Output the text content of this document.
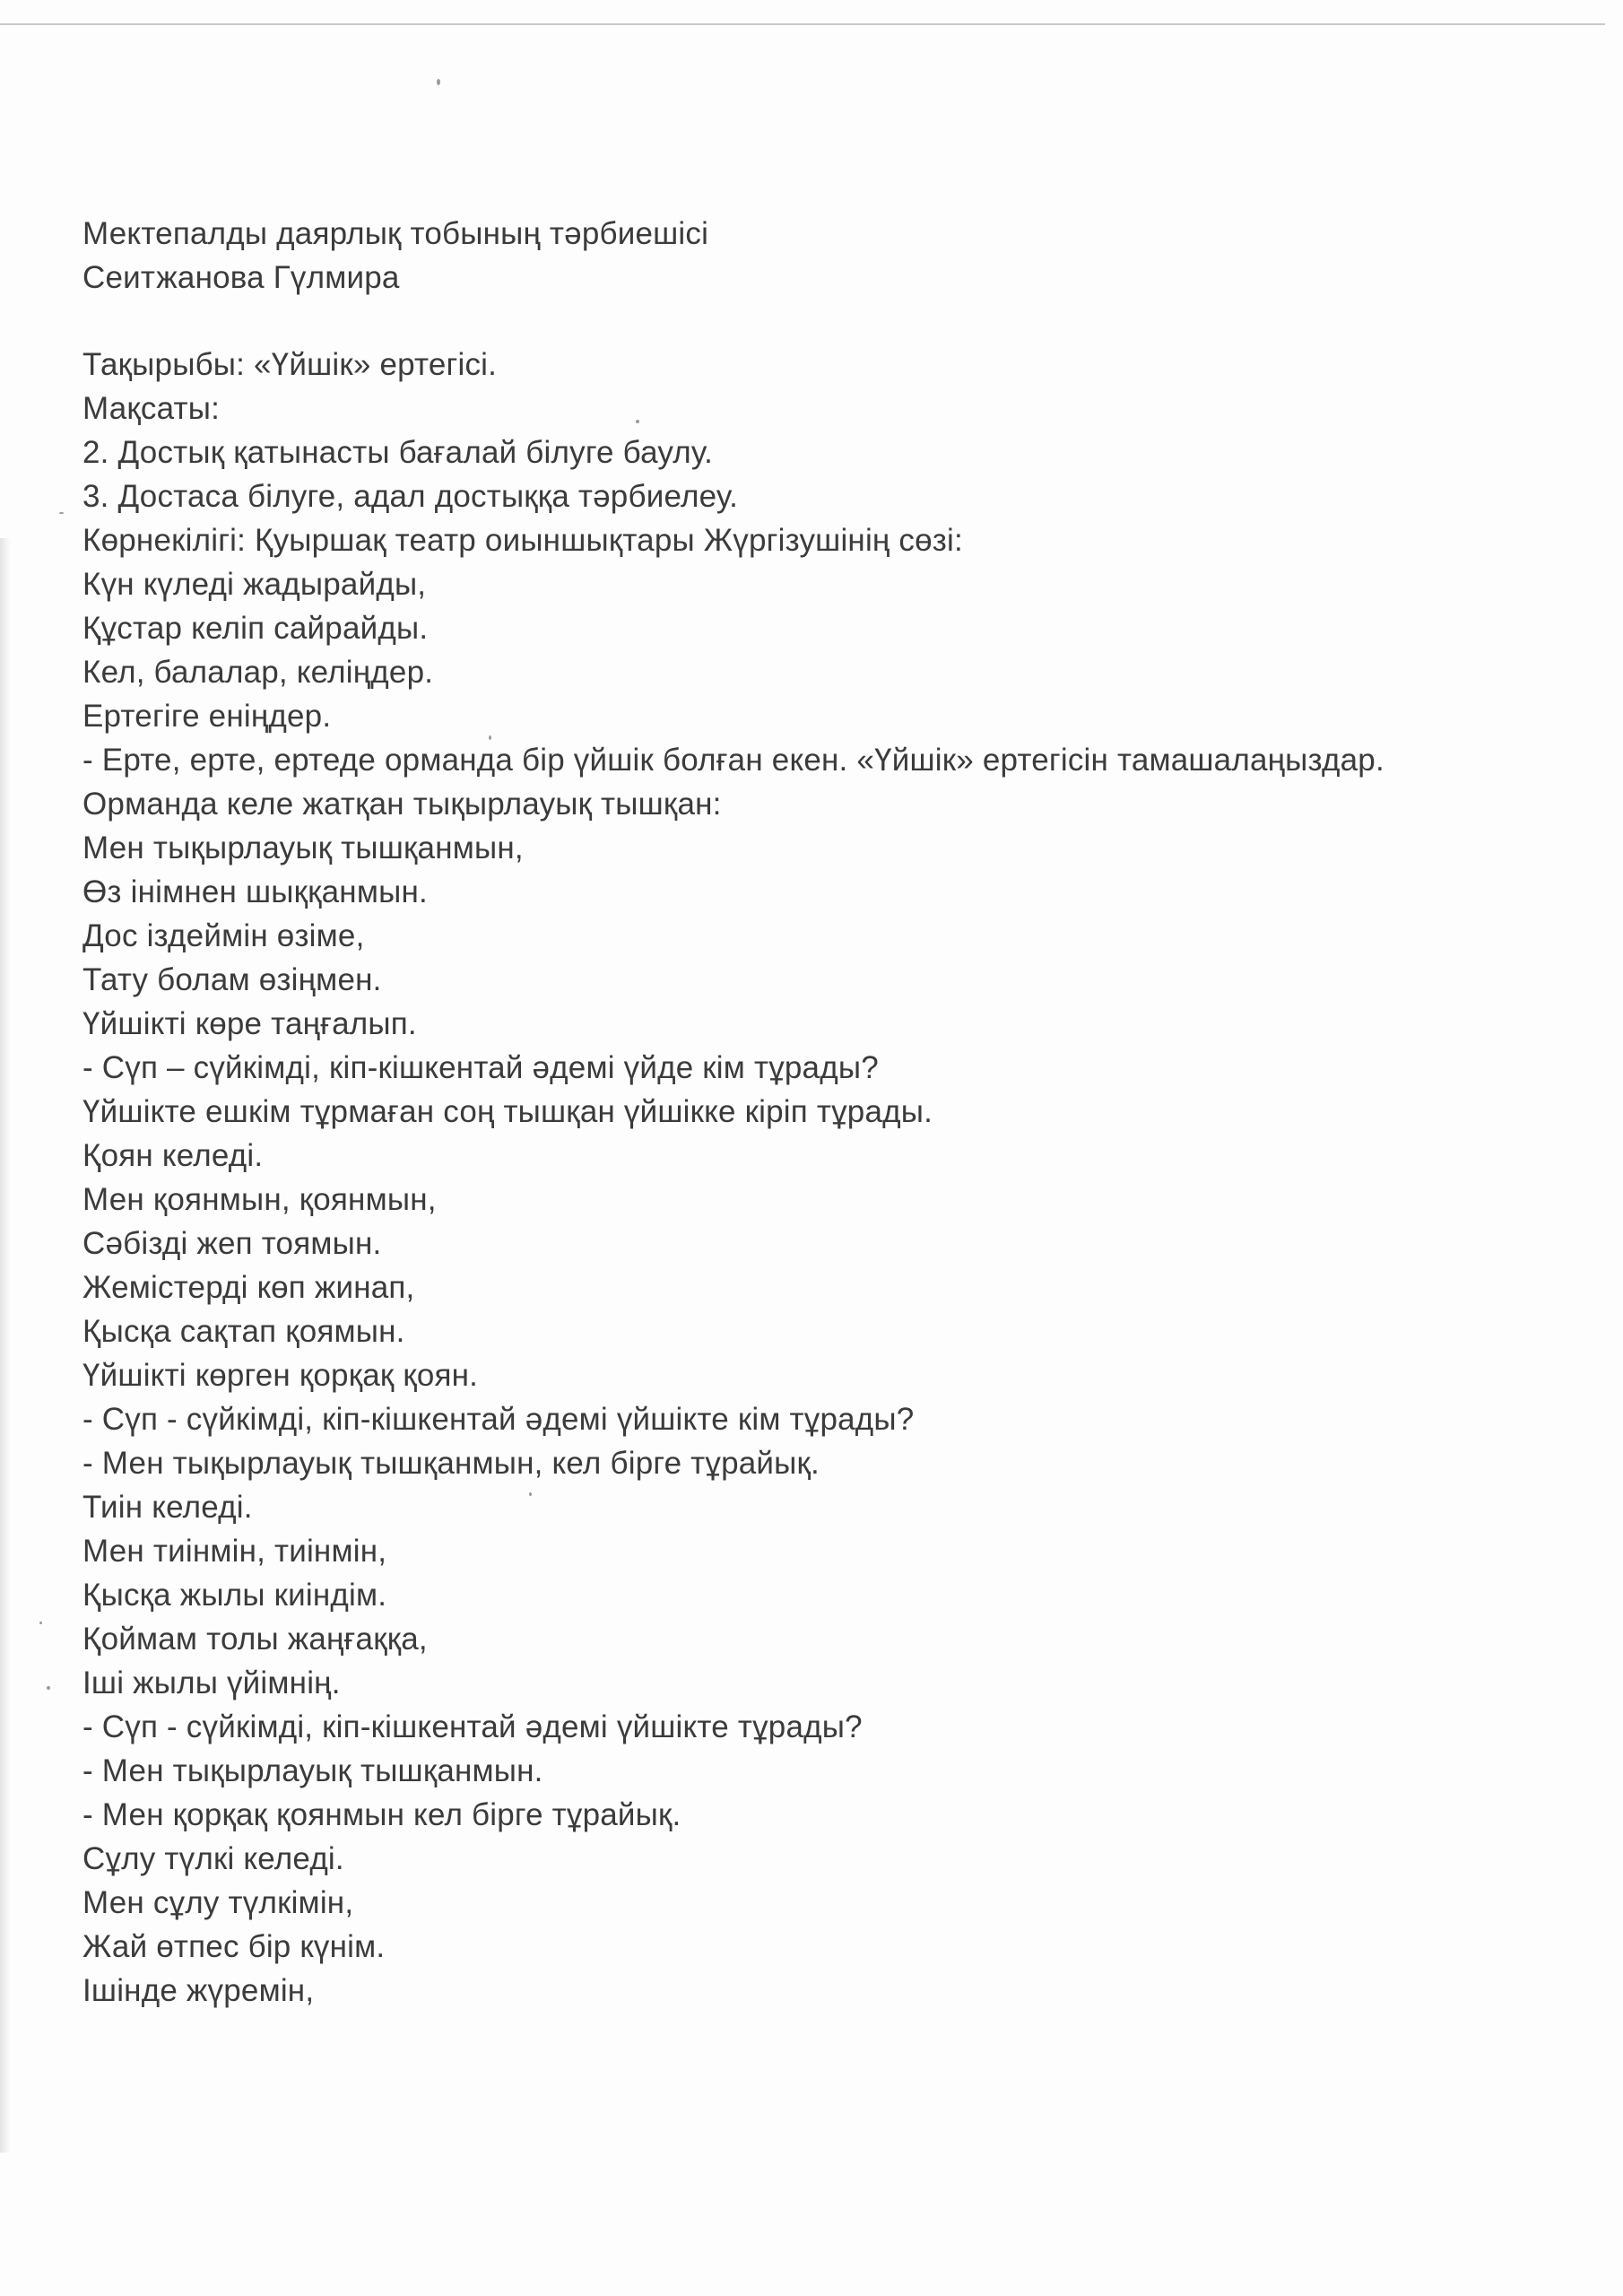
Мектепалды даярлық тобының тәрбиешісі
Сеитжанова Гүлмира
Тақырыбы: «Үйшік» ертегісі.
Мақсаты:
2. Достық қатынасты бағалай білуге баулу.
3. Достаса білуге, адал достыққа тәрбиелеу.
Көрнекілігі: Қуыршақ театр оиыншықтары Жүргізушінің сөзі:
Күн күледі жадырайды,
Құстар келіп сайрайды.
Кел, балалар, келіңдер.
Ертегіге еніңдер.
- Ерте, ерте, ертеде орманда бір үйшік болған екен. «Үйшік» ертегісін тамашалаңыздар.
Орманда келе жатқан тықырлауық тышқан:
Мен тықырлауық тышқанмын,
Өз інімнен шыққанмын.
Дос іздеймін өзіме,
Тату болам өзіңмен.
Үйшікті көре таңғалып.
- Сүп – сүйкімді, кіп-кішкентай әдемі үйде кім тұрады?
Үйшікте ешкім тұрмаған соң тышқан үйшікке кіріп тұрады.
Қоян келеді.
Мен қоянмын, қоянмын,
Сәбізді жеп тоямын.
Жемістерді көп жинап,
Қысқа сақтап қоямын.
Үйшікті көрген қорқақ қоян.
- Сүп - сүйкімді, кіп-кішкентай әдемі үйшікте кім тұрады?
- Мен тықырлауық тышқанмын, кел бірге тұрайық.
Тиін келеді.
Мен тиінмін, тиінмін,
Қысқа жылы киіндім.
Қоймам толы жаңғаққа,
Іші жылы үйімнің.
- Сүп - сүйкімді, кіп-кішкентай әдемі үйшікте тұрады?
- Мен тықырлауық тышқанмын.
- Мен қорқақ қоянмын кел бірге тұрайық.
Сұлу түлкі келеді.
Мен сұлу түлкімін,
Жай өтпес бір күнім.
Ішінде жүремін,
